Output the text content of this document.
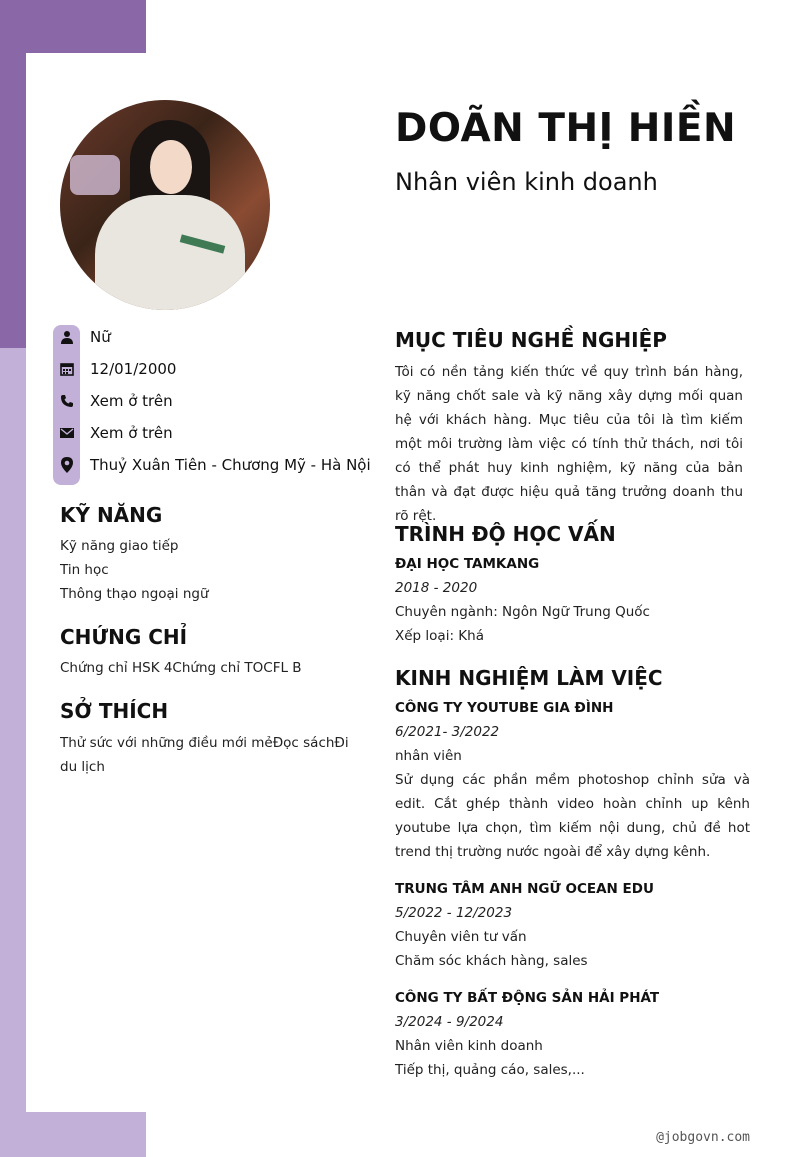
DOÃN THỊ HIỀN
Nhân viên kinh doanh
Nữ
12/01/2000
Xem ở trên
Xem ở trên
Thuỷ Xuân Tiên - Chương Mỹ - Hà Nội
KỸ NĂNG
Kỹ năng giao tiếp
Tin học
Thông thạo ngoại ngữ
CHỨNG CHỈ
Chứng chỉ HSK 4Chứng chỉ TOCFL B
SỞ THÍCH
Thử sức với những điều mới mẻĐọc sáchĐi du lịch
MỤC TIÊU NGHỀ NGHIỆP
Tôi có nền tảng kiến thức về quy trình bán hàng, kỹ năng chốt sale và kỹ năng xây dựng mối quan hệ với khách hàng. Mục tiêu của tôi là tìm kiếm một môi trường làm việc có tính thử thách, nơi tôi có thể phát huy kinh nghiệm, kỹ năng của bản thân và đạt được hiệu quả tăng trưởng doanh thu rõ rệt.
TRÌNH ĐỘ HỌC VẤN
ĐẠI HỌC TAMKANG
2018 - 2020
Chuyên ngành: Ngôn Ngữ Trung Quốc
Xếp loại: Khá
KINH NGHIỆM LÀM VIỆC
CÔNG TY YOUTUBE GIA ĐÌNH
6/2021- 3/2022
nhân viên
Sử dụng các phần mềm photoshop chỉnh sửa và edit. Cắt ghép thành video hoàn chỉnh up kênh youtube lựa chọn, tìm kiếm nội dung, chủ đề hot trend thị trường nước ngoài để xây dựng kênh.
TRUNG TÂM ANH NGỮ OCEAN EDU
5/2022 - 12/2023
Chuyên viên tư vấn
Chăm sóc khách hàng, sales
CÔNG TY BẤT ĐỘNG SẢN HẢI PHÁT
3/2024 - 9/2024
Nhân viên kinh doanh
Tiếp thị, quảng cáo, sales,...
@jobgovn.com
